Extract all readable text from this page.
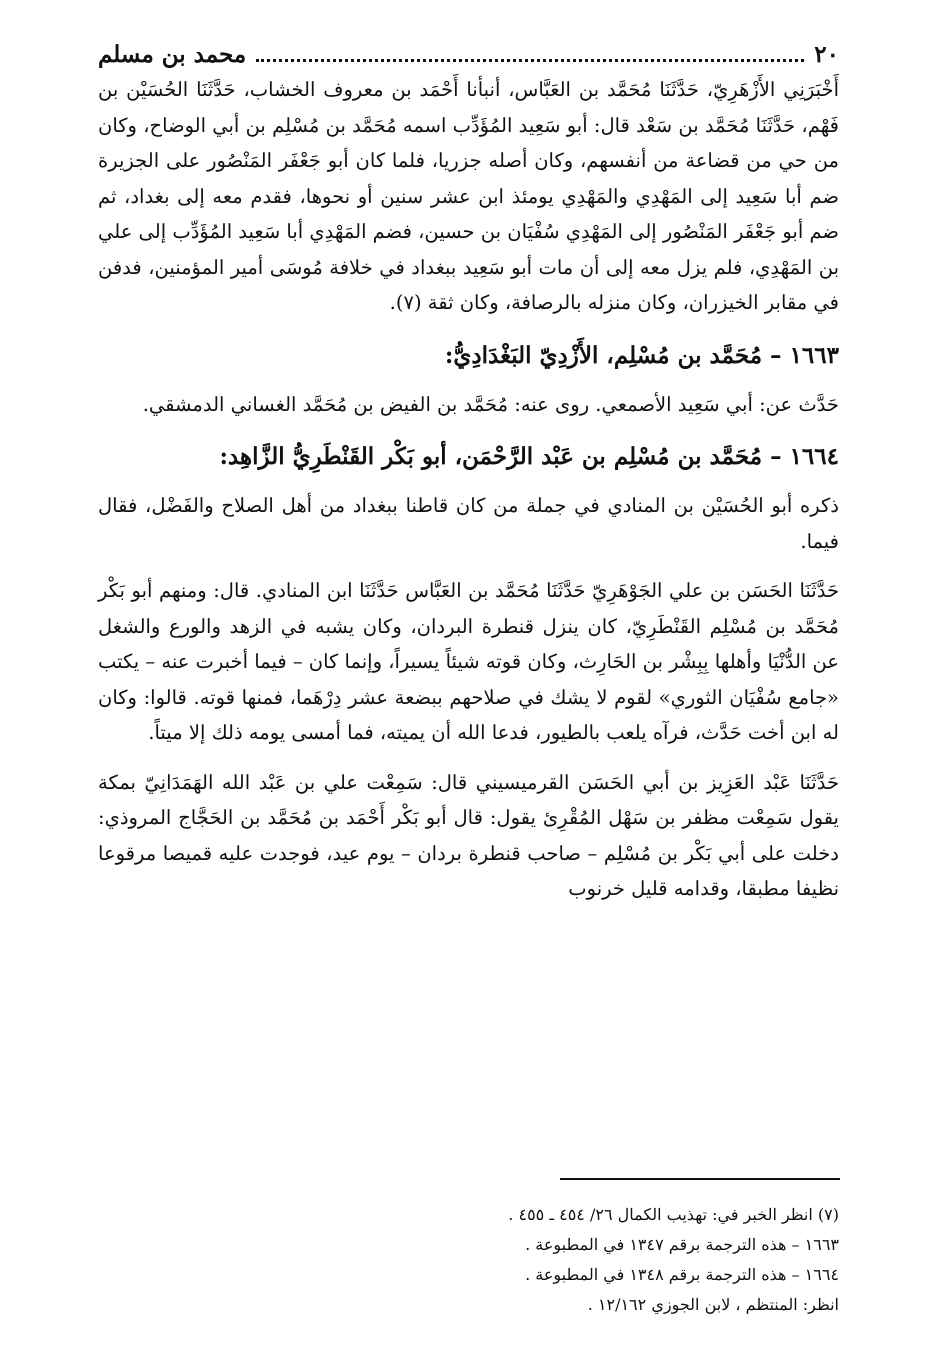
٢٠
محمد بن مسلم

أَخْبَرَنِي الأَزْهَرِيّ، حَدَّثَنَا مُحَمَّد بن العَبَّاس، أنبأنا أَحْمَد بن معروف الخشاب، حَدَّثَنَا الحُسَيْن بن فَهْم، حَدَّثَنَا مُحَمَّد بن سَعْد قال: أبو سَعِيد المُؤَدِّب اسمه مُحَمَّد بن مُسْلِم بن أبي الوضاح، وكان من حي من قضاعة من أنفسهم، وكان أصله جزريا، فلما كان أبو جَعْفَر المَنْصُور على الجزيرة ضم أبا سَعِيد إلى المَهْدِي والمَهْدِي يومئذ ابن عشر سنين أو نحوها، فقدم معه إلى بغداد، ثم ضم أبو جَعْفَر المَنْصُور إلى المَهْدِي سُفْيَان بن حسين، فضم المَهْدِي أبا سَعِيد المُؤَدِّب إلى علي بن المَهْدِي، فلم يزل معه إلى أن مات أبو سَعِيد ببغداد في خلافة مُوسَى أمير المؤمنين، فدفن في مقابر الخيزران، وكان منزله بالرصافة، وكان ثقة (٧).

١٦٦٣ – مُحَمَّد بن مُسْلِم، الأَزْدِيّ البَغْدَادِيُّ:

حَدَّث عن: أبي سَعِيد الأصمعي. روى عنه: مُحَمَّد بن الفيض بن مُحَمَّد الغساني الدمشقي.

١٦٦٤ – مُحَمَّد بن مُسْلِم بن عَبْد الرَّحْمَن، أبو بَكْر القَنْطَرِيُّ الزَّاهِد:

ذكره أبو الحُسَيْن بن المنادي في جملة من كان قاطنا ببغداد من أهل الصلاح والفَضْل، فقال فيما.

حَدَّثَنَا الحَسَن بن علي الجَوْهَرِيّ حَدَّثَنَا مُحَمَّد بن العَبَّاس حَدَّثَنَا ابن المنادي. قال: ومنهم أبو بَكْر مُحَمَّد بن مُسْلِم القَنْطَرِيّ، كان ينزل قنطرة البردان، وكان يشبه في الزهد والورع والشغل عن الدُّنْيَا وأهلها بِبِشْر بن الحَارِث، وكان قوته شيئاً يسيراً، وإنما كان – فيما أخبرت عنه – يكتب «جامع سُفْيَان الثوري» لقوم لا يشك في صلاحهم ببضعة عشر دِرْهَما، فمنها قوته. قالوا: وكان له ابن أخت حَدَّث، فرآه يلعب بالطيور، فدعا الله أن يميته، فما أمسى يومه ذلك إلا ميتاً.

حَدَّثَنَا عَبْد العَزِيز بن أبي الحَسَن القرميسيني قال: سَمِعْت علي بن عَبْد الله الهَمَدَانِيّ بمكة يقول سَمِعْت مظفر بن سَهْل المُقْرِئ يقول: قال أبو بَكْر أَحْمَد بن مُحَمَّد بن الحَجَّاج المروذي: دخلت على أبي بَكْر بن مُسْلِم – صاحب قنطرة بردان – يوم عيد، فوجدت عليه قميصا مرقوعا نظيفا مطبقا، وقدامه قليل خرنوب

(٧) انظر الخبر في: تهذيب الكمال ٢٦/ ٤٥٤ ـ ٤٥٥ .

١٦٦٣ – هذه الترجمة برقم ١٣٤٧ في المطبوعة .

١٦٦٤ – هذه الترجمة برقم ١٣٤٨ في المطبوعة .

انظر: المنتظم ، لابن الجوزي ١٢/١٦٢ .
